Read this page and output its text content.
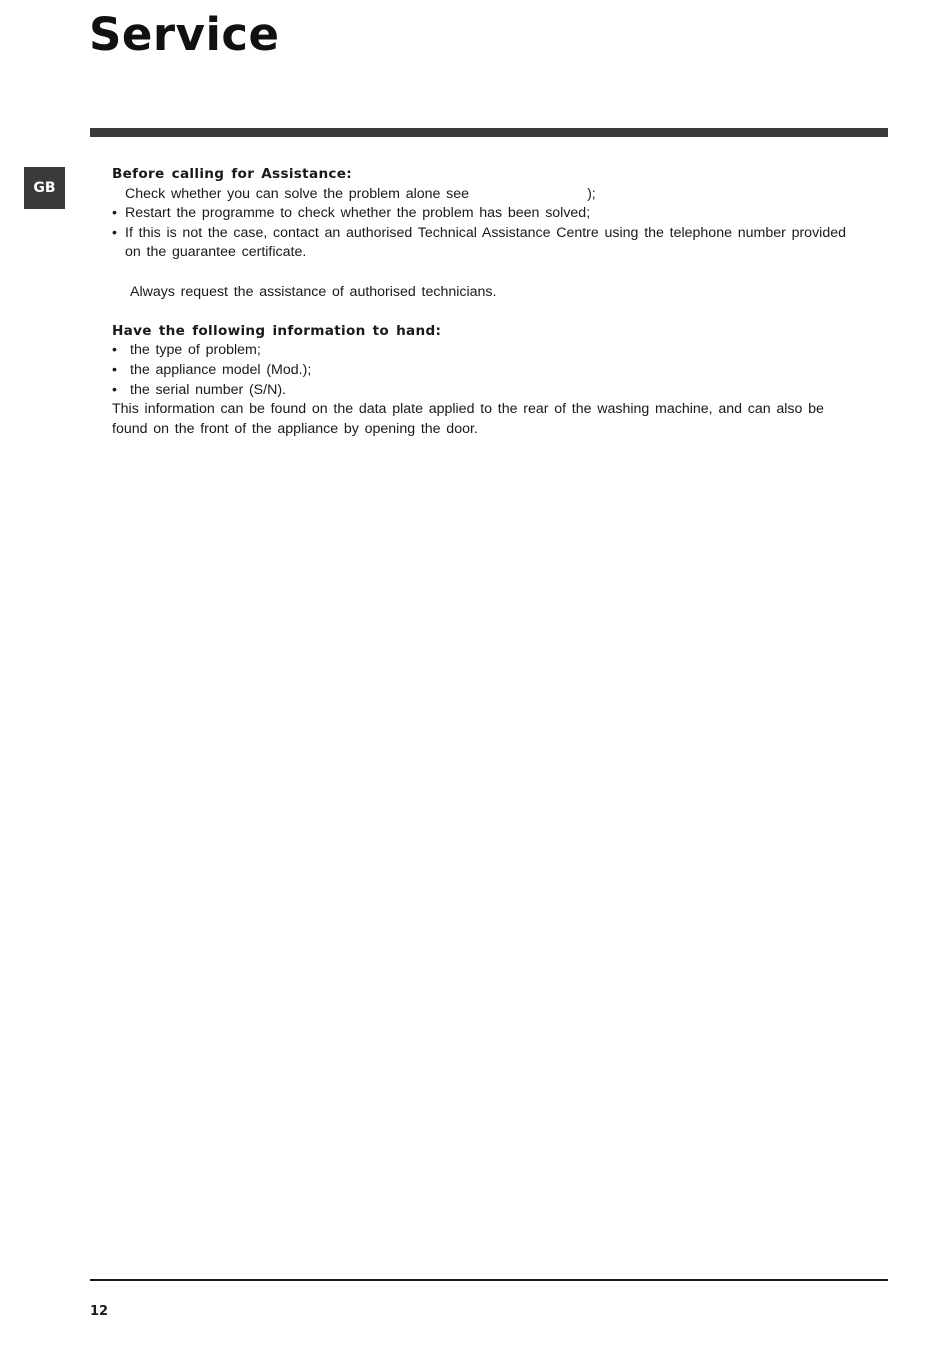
Service
GB

Before calling for Assistance:

Check whether you can solve the problem alone see	);

• Restart the programme to check whether the problem has been solved;
• If this is not the case, contact an authorised Technical Assistance Centre using the telephone number provided on the guarantee certificate.

Always request the assistance of authorised technicians.

Have the following information to hand:

• the type of problem;
• the appliance model (Mod.);
• the serial number (S/N).

This information can be found on the data plate applied to the rear of the washing machine, and can also be found on the front of the appliance by opening the door.

12
